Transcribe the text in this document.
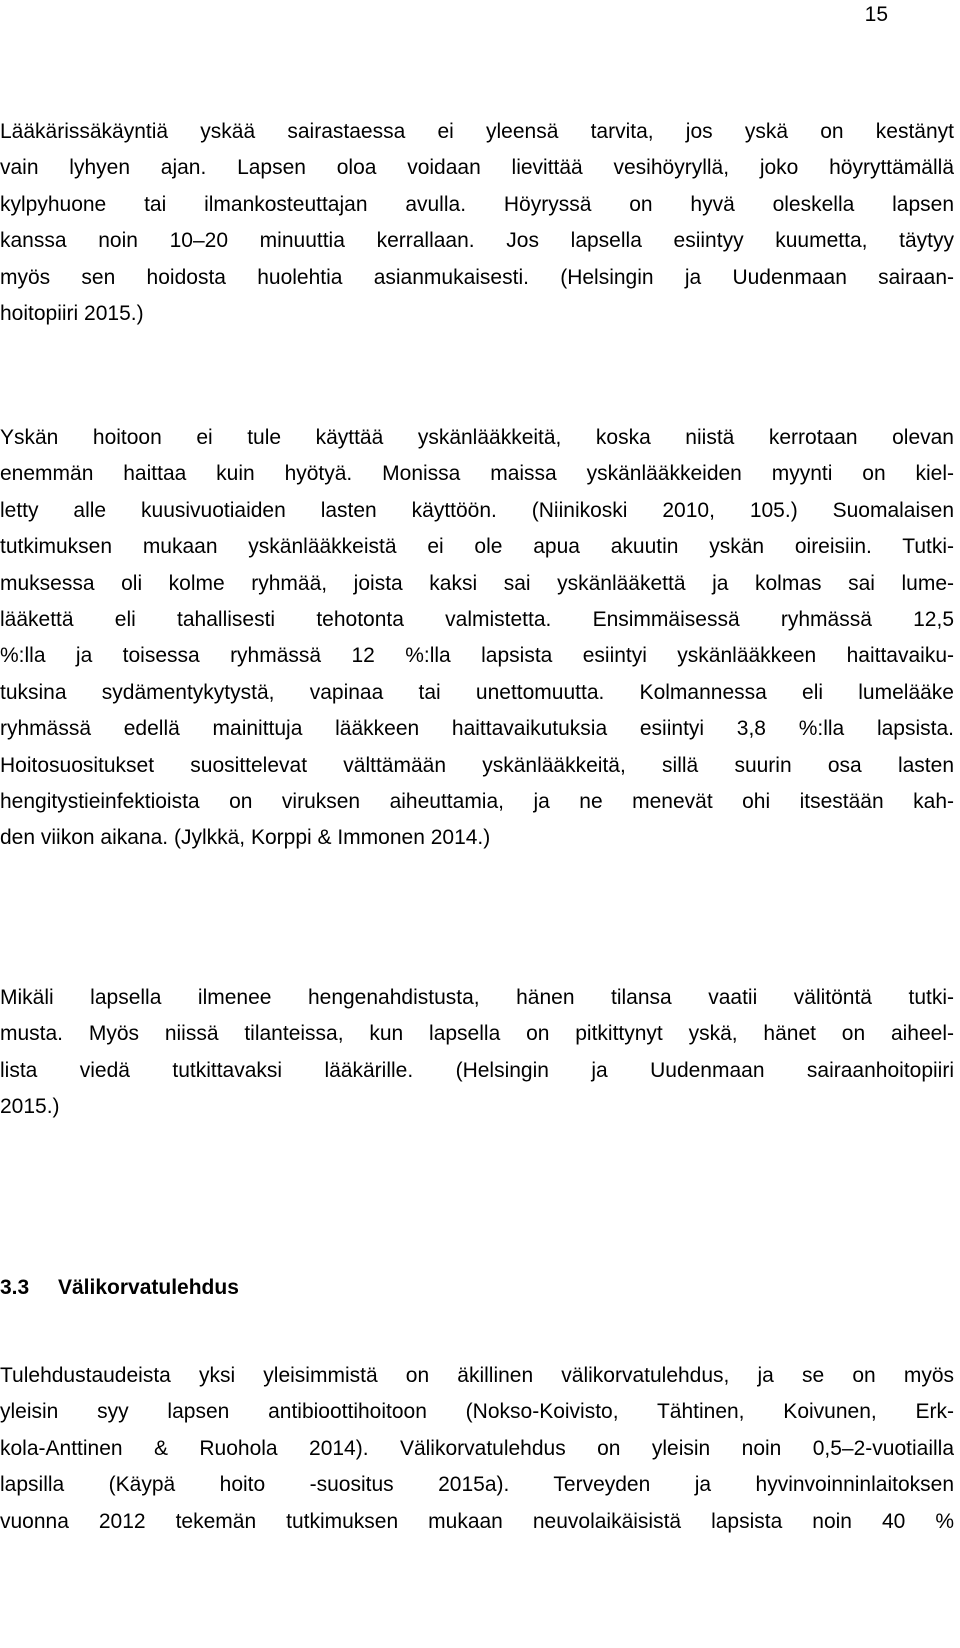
15
Lääkärissäkäyntiä yskää sairastaessa ei yleensä tarvita, jos yskä on kestänyt
vain lyhyen ajan. Lapsen oloa voidaan lievittää vesihöyryllä, joko höyryttämällä
kylpyhuone tai ilmankosteuttajan avulla. Höyryssä on hyvä oleskella lapsen
kanssa noin 10–20 minuuttia kerrallaan. Jos lapsella esiintyy kuumetta, täytyy
myös sen hoidosta huolehtia asianmukaisesti. (Helsingin ja Uudenmaan sairaan-
hoitopiiri 2015.)
Yskän hoitoon ei tule käyttää yskänlääkkeitä, koska niistä kerrotaan olevan
enemmän haittaa kuin hyötyä. Monissa maissa yskänlääkkeiden myynti on kiel-
letty alle kuusivuotiaiden lasten käyttöön. (Niinikoski 2010, 105.) Suomalaisen
tutkimuksen mukaan yskänlääkkeistä ei ole apua akuutin yskän oireisiin. Tutki-
muksessa oli kolme ryhmää, joista kaksi sai yskänlääkettä ja kolmas sai lume-
lääkettä eli tahallisesti tehotonta valmistetta. Ensimmäisessä ryhmässä 12,5
%:lla ja toisessa ryhmässä 12 %:lla lapsista esiintyi yskänlääkkeen haittavaiku-
tuksina sydämentykytystä, vapinaa tai unettomuutta. Kolmannessa eli lumelääke
ryhmässä edellä mainittuja lääkkeen haittavaikutuksia esiintyi 3,8 %:lla lapsista.
Hoitosuositukset suosittelevat välttämään yskänlääkkeitä, sillä suurin osa lasten
hengitystieinfektioista on viruksen aiheuttamia, ja ne menevät ohi itsestään kah-
den viikon aikana. (Jylkkä, Korppi & Immonen 2014.)
Mikäli lapsella ilmenee hengenahdistusta, hänen tilansa vaatii välitöntä tutki-
musta. Myös niissä tilanteissa, kun lapsella on pitkittynyt yskä, hänet on aiheel-
lista viedä tutkittavaksi lääkärille. (Helsingin ja Uudenmaan sairaanhoitopiiri
2015.)
3.3 Välikorvatulehdus
Tulehdustaudeista yksi yleisimmistä on äkillinen välikorvatulehdus, ja se on myös
yleisin syy lapsen antibioottihoitoon (Nokso-Koivisto, Tähtinen, Koivunen, Erk-
kola-Anttinen & Ruohola 2014). Välikorvatulehdus on yleisin noin 0,5–2-vuotiailla
lapsilla (Käypä hoito -suositus 2015a). Terveyden ja hyvinvoinninlaitoksen
vuonna 2012 tekemän tutkimuksen mukaan neuvolaikäisistä lapsista noin 40 %
